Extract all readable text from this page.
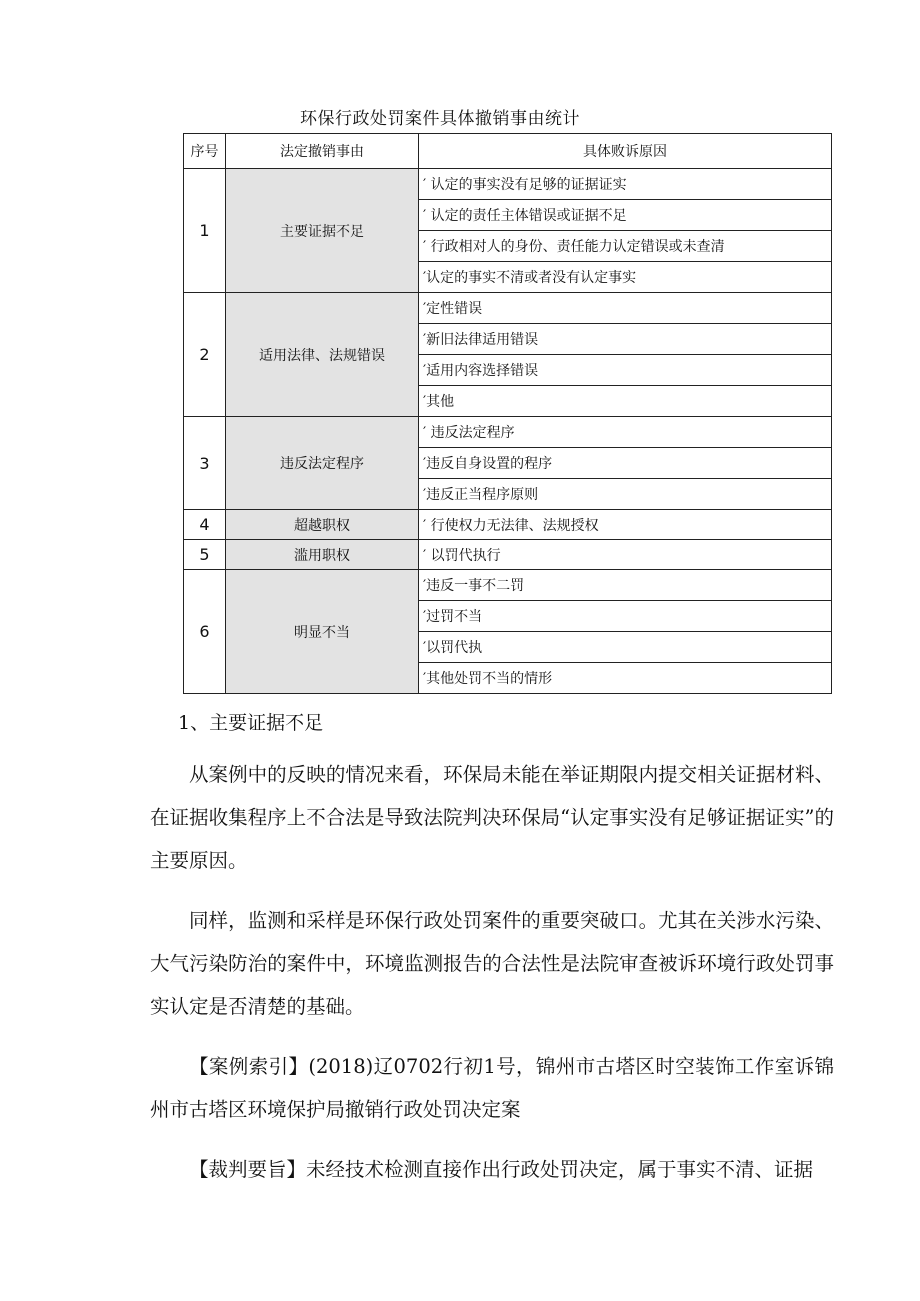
环保行政处罚案件具体撤销事由统计
序号	法定撤销事由	具体败诉原因
1	主要证据不足	′ 认定的事实没有足够的证据证实
		′ 认定的责任主体错误或证据不足
		′ 行政相对人的身份、责任能力认定错误或未查清
		′认定的事实不清或者没有认定事实
2	适用法律、法规错误	′定性错误
		′新旧法律适用错误
		′适用内容选择错误
		′其他
3	违反法定程序	′ 违反法定程序
		′违反自身设置的程序
		′违反正当程序原则
4	超越职权	′ 行使权力无法律、法规授权
5	滥用职权	′ 以罚代执行
6	明显不当	′违反一事不二罚
		′过罚不当
		′以罚代执
		′其他处罚不当的情形
1、主要证据不足

从案例中的反映的情况来看，环保局未能在举证期限内提交相关证据材料、在证据收集程序上不合法是导致法院判决环保局“认定事实没有足够证据证实”的主要原因。

同样，监测和采样是环保行政处罚案件的重要突破口。尤其在关涉水污染、大气污染防治的案件中，环境监测报告的合法性是法院审查被诉环境行政处罚事实认定是否清楚的基础。

【案例索引】(2018)辽0702行初1号，锦州市古塔区时空装饰工作室诉锦州市古塔区环境保护局撤销行政处罚决定案

【裁判要旨】未经技术检测直接作出行政处罚决定，属于事实不清、证据
